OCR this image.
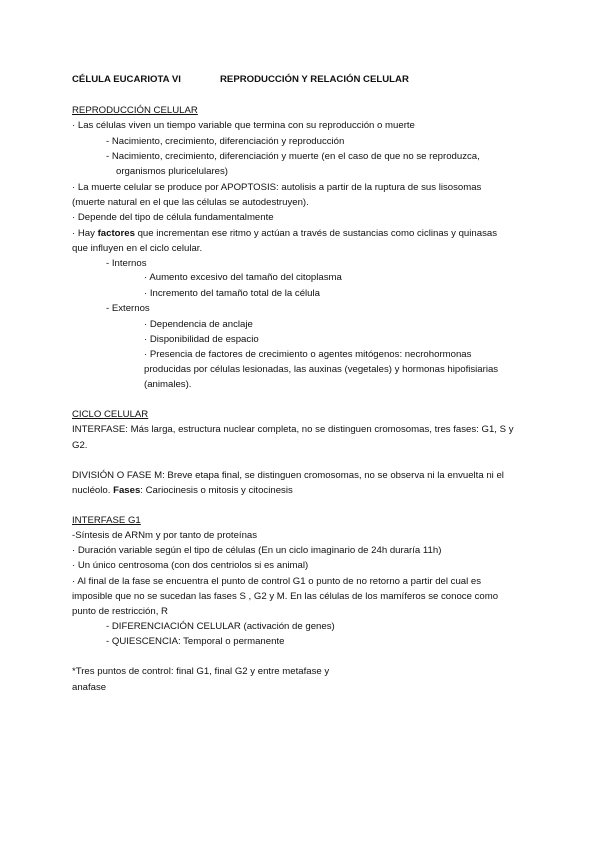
CÉLULA EUCARIOTA VI	REPRODUCCIÓN Y RELACIÓN CELULAR
REPRODUCCIÓN CELULAR
· Las células viven un tiempo variable que termina con su reproducción o muerte
- Nacimiento, crecimiento, diferenciación y reproducción
- Nacimiento, crecimiento, diferenciación y muerte (en el caso de que no se reproduzca,
organismos pluricelulares)
· La muerte celular se produce por APOPTOSIS: autolisis a partir de la ruptura de sus lisosomas
(muerte natural en el que las células se autodestruyen).
· Depende del tipo de célula fundamentalmente
· Hay factores que incrementan ese ritmo y actúan a través de sustancias como ciclinas y quinasas
que influyen en el ciclo celular.
- Internos
· Aumento excesivo del tamaño del citoplasma
· Incremento del tamaño total de la célula
- Externos
· Dependencia de anclaje
· Disponibilidad de espacio
· Presencia de factores de crecimiento o agentes mitógenos: necrohormonas
producidas por células lesionadas, las auxinas (vegetales) y hormonas hipofisiarias
(animales).
CICLO CELULAR
INTERFASE: Más larga, estructura nuclear completa, no se distinguen cromosomas, tres fases: G1, S y
G2.
DIVISIÓN O FASE M: Breve etapa final, se distinguen cromosomas, no se observa ni la envuelta ni el
nucléolo. Fases: Cariocinesis o mitosis y citocinesis
INTERFASE G1
-Síntesis de ARNm y por tanto de proteínas
· Duración variable según el tipo de células (En un ciclo imaginario de 24h duraría 11h)
· Un único centrosoma (con dos centriolos si es animal)
· Al final de la fase se encuentra el punto de control G1 o punto de no retorno a partir del cual es
imposible que no se sucedan las fases S , G2 y M. En las células de los mamíferos se conoce como
punto de restricción, R
- DIFERENCIACIÓN CELULAR (activación de genes)
- QUIESCENCIA: Temporal o permanente
*Tres puntos de control: final G1, final G2 y entre metafase y
anafase
